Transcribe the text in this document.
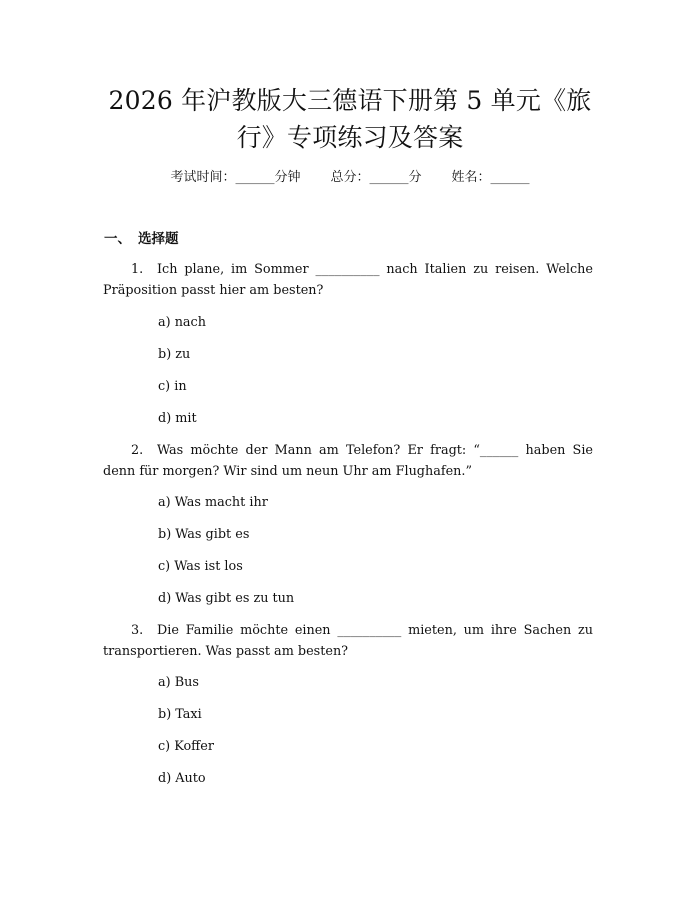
2026 年沪教版大三德语下册第 5 单元《旅行》专项练习及答案
考试时间：______分钟 总分：______分 姓名：______
一、 选择题
1. Ich plane, im Sommer __________ nach Italien zu reisen. Welche Präposition passt hier am besten?
a) nach
b) zu
c) in
d) mit
2. Was möchte der Mann am Telefon? Er fragt: “______ haben Sie denn für morgen? Wir sind um neun Uhr am Flughafen.”
a) Was macht ihr
b) Was gibt es
c) Was ist los
d) Was gibt es zu tun
3. Die Familie möchte einen __________ mieten, um ihre Sachen zu transportieren. Was passt am besten?
a) Bus
b) Taxi
c) Koffer
d) Auto
